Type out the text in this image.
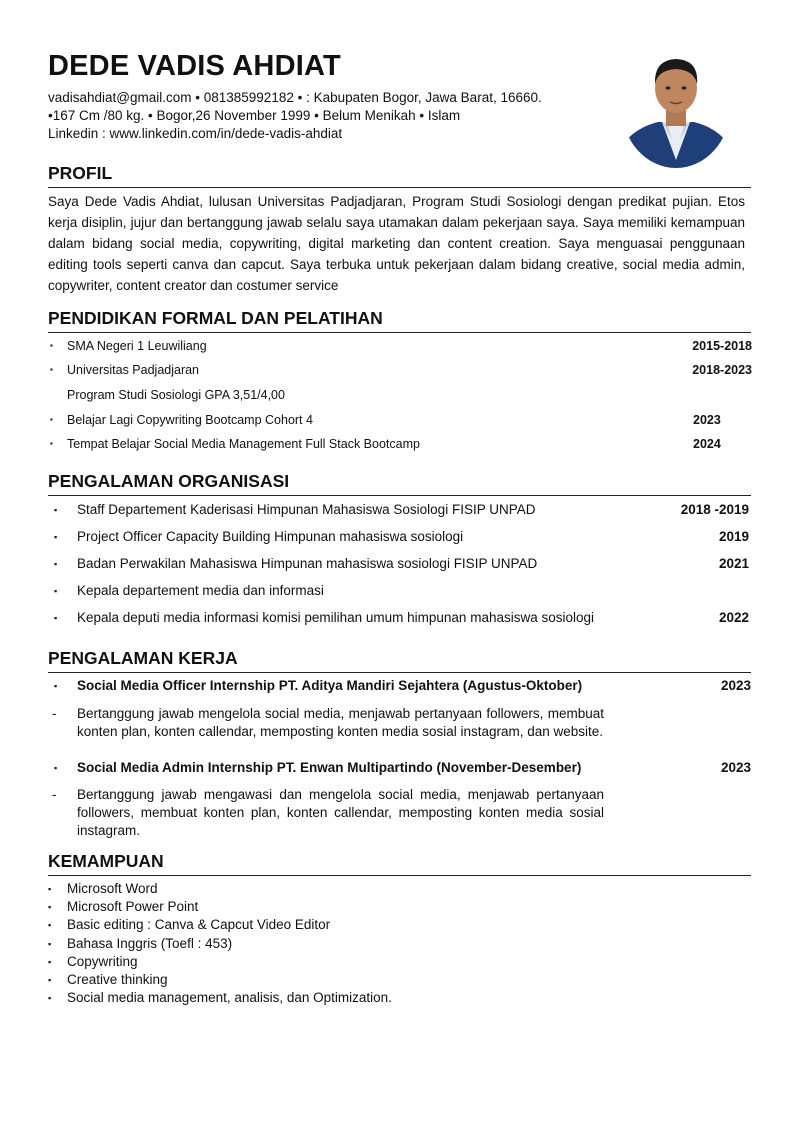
DEDE VADIS AHDIAT
vadisahdiat@gmail.com • 081385992182 • : Kabupaten Bogor, Jawa Barat, 16660.
•167 Cm /80 kg. • Bogor,26 November 1999 • Belum Menikah • Islam
Linkedin : www.linkedin.com/in/dede-vadis-ahdiat
PROFIL
Saya Dede Vadis Ahdiat, lulusan Universitas Padjadjaran, Program Studi Sosiologi dengan predikat pujian. Etos kerja disiplin, jujur dan bertanggung jawab selalu saya utamakan dalam pekerjaan saya. Saya memiliki kemampuan dalam bidang social media, copywriting, digital marketing dan content creation. Saya menguasai penggunaan editing tools seperti canva dan capcut. Saya terbuka untuk pekerjaan dalam bidang creative, social media admin, copywriter, content creator dan costumer service
PENDIDIKAN FORMAL DAN PELATIHAN
▪ SMA Negeri 1 Leuwiliang	2015-2018
▪ Universitas Padjadjaran	2018-2023
Program Studi Sosiologi GPA 3,51/4,00
▪ Belajar Lagi Copywriting Bootcamp Cohort 4	2023
▪ Tempat Belajar Social Media Management Full Stack Bootcamp	2024
PENGALAMAN ORGANISASI
▪ Staff Departement Kaderisasi Himpunan Mahasiswa Sosiologi FISIP UNPAD	2018 -2019
▪ Project Officer Capacity Building Himpunan mahasiswa sosiologi	2019
▪ Badan Perwakilan Mahasiswa Himpunan mahasiswa sosiologi FISIP UNPAD	2021
▪ Kepala departement media dan informasi
▪ Kepala deputi media informasi komisi pemilihan umum himpunan mahasiswa sosiologi	2022
PENGALAMAN KERJA
▪ Social Media Officer Internship PT. Aditya Mandiri Sejahtera (Agustus-Oktober)	2023
- Bertanggung jawab mengelola social media, menjawab pertanyaan followers, membuat konten plan, konten callendar, memposting konten media sosial instagram, dan website.
▪ Social Media Admin Internship PT. Enwan Multipartindo (November-Desember)	2023
- Bertanggung jawab mengawasi dan mengelola social media, menjawab pertanyaan followers, membuat konten plan, konten callendar, memposting konten media sosial instagram.
KEMAMPUAN
▪ Microsoft Word
▪ Microsoft Power Point
▪ Basic editing : Canva & Capcut Video Editor
▪ Bahasa Inggris (Toefl : 453)
▪ Copywriting
▪ Creative thinking
▪ Social media management, analisis, dan Optimization.
